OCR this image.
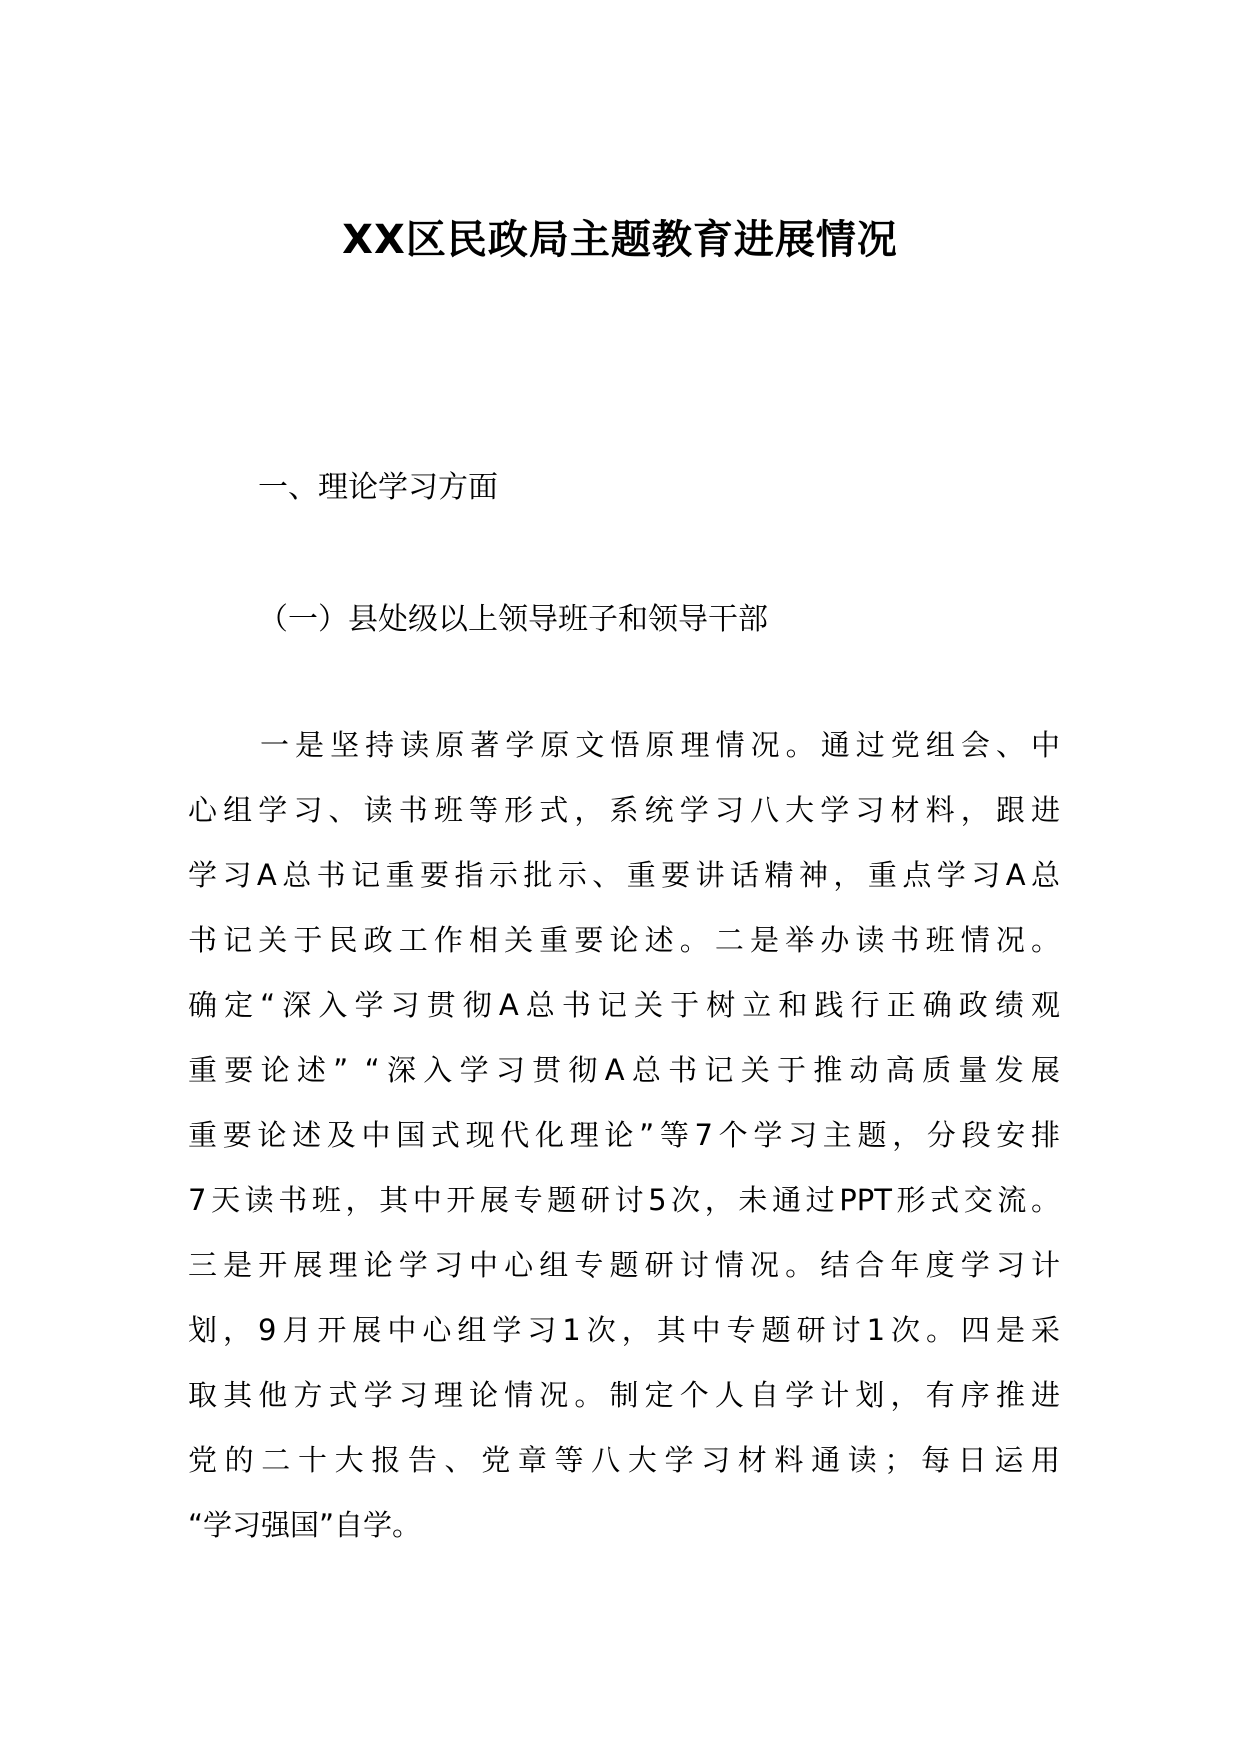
XX区民政局主题教育进展情况
一、理论学习方面
（一）县处级以上领导班子和领导干部
一是坚持读原著学原文悟原理情况。通过党组会、中
心组学习、读书班等形式，系统学习八大学习材料，跟进
学习A总书记重要指示批示、重要讲话精神，重点学习A总
书记关于民政工作相关重要论述。二是举办读书班情况。
确定“深入学习贯彻A总书记关于树立和践行正确政绩观
重要论述” “深入学习贯彻A总书记关于推动高质量发展
重要论述及中国式现代化理论”等7个学习主题，分段安排
7天读书班，其中开展专题研讨5次，未通过PPT形式交流。
三是开展理论学习中心组专题研讨情况。结合年度学习计
划，9月开展中心组学习1次，其中专题研讨1次。四是采
取其他方式学习理论情况。制定个人自学计划，有序推进
党的二十大报告、党章等八大学习材料通读；每日运用
“学习强国”自学。
